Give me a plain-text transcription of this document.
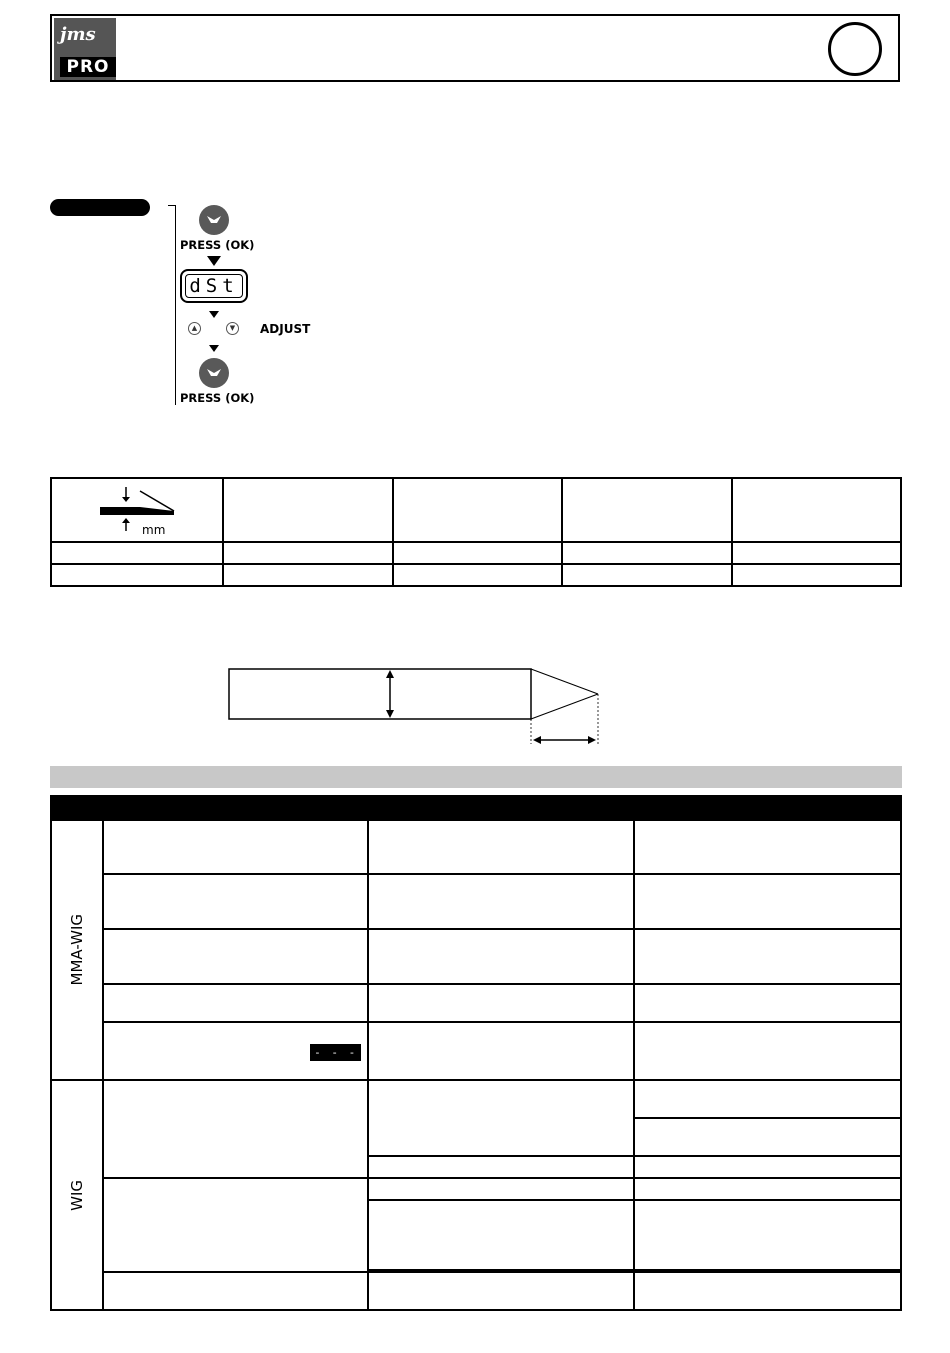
jms
PRO
PRESS (OK)
dSt
▲	▼	ADJUST
PRESS (OK)
mm				

MMA-WIG			

	- - -		

WIG			
